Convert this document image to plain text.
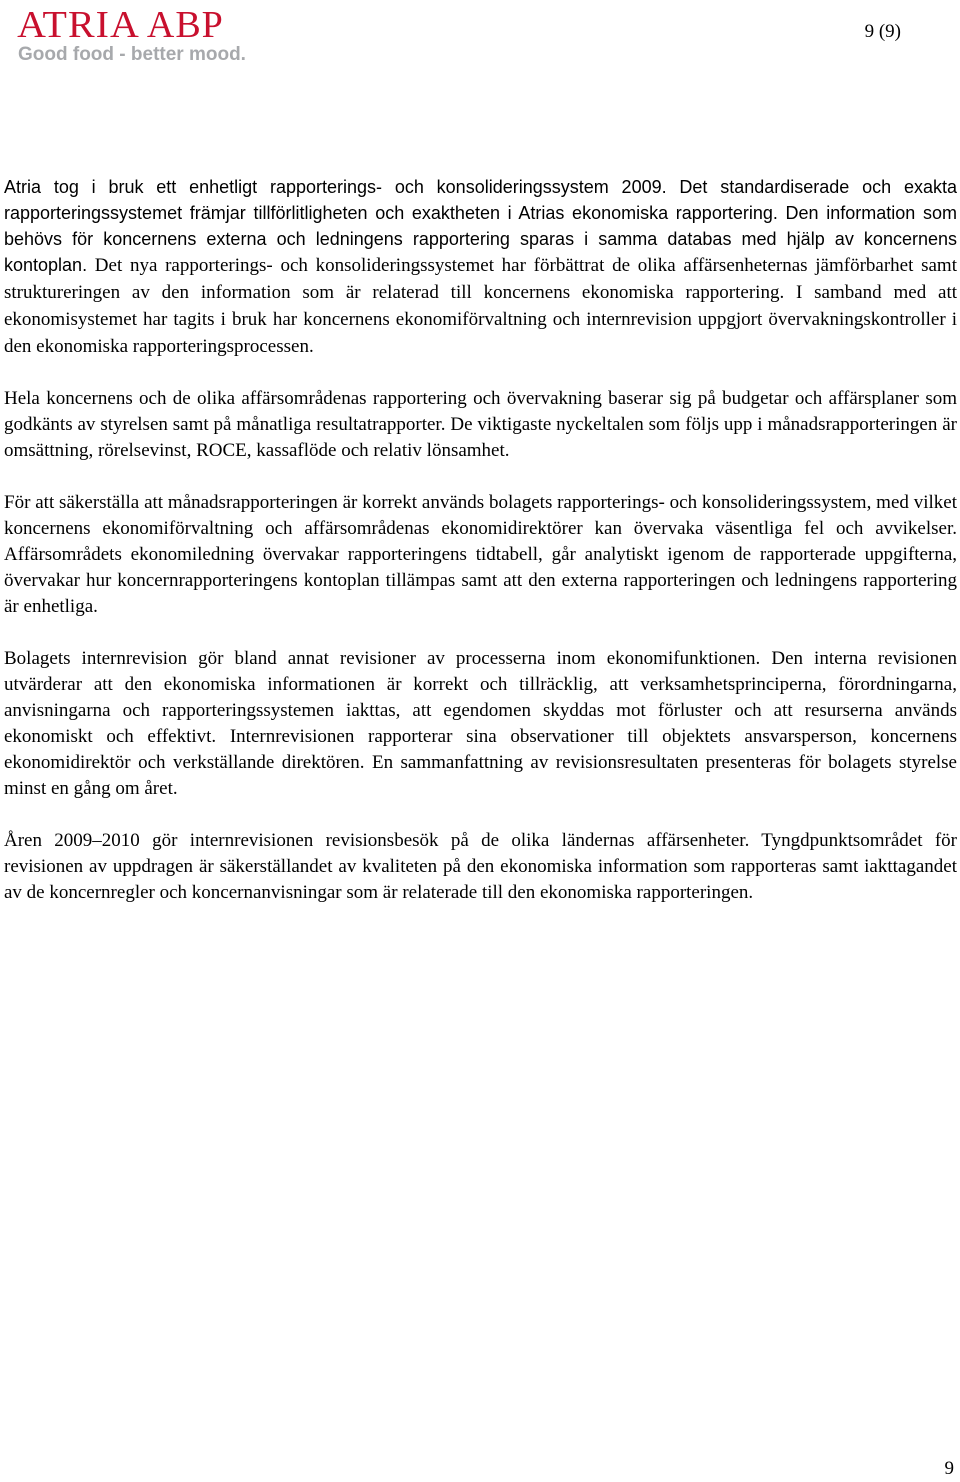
ATRIA ABP
Good food - better mood.
9 (9)

Atria tog i bruk ett enhetligt rapporterings- och konsolideringssystem 2009. Det standardiserade och exakta rapporteringssystemet främjar tillförlitligheten och exaktheten i Atrias ekonomiska rapportering. Den information som behövs för koncernens externa och ledningens rapportering sparas i samma databas med hjälp av koncernens kontoplan. Det nya rapporterings- och konsolideringssystemet har förbättrat de olika affärsenheternas jämförbarhet samt struktureringen av den information som är relaterad till koncernens ekonomiska rapportering. I samband med att ekonomisystemet har tagits i bruk har koncernens ekonomiförvaltning och internrevision uppgjort övervakningskontroller i den ekonomiska rapporteringsprocessen.

Hela koncernens och de olika affärsområdenas rapportering och övervakning baserar sig på budgetar och affärsplaner som godkänts av styrelsen samt på månatliga resultatrapporter. De viktigaste nyckeltalen som följs upp i månadsrapporteringen är omsättning, rörelsevinst, ROCE, kassaflöde och relativ lönsamhet.

För att säkerställa att månadsrapporteringen är korrekt används bolagets rapporterings- och konsolideringssystem, med vilket koncernens ekonomiförvaltning och affärsområdenas ekonomidirektörer kan övervaka väsentliga fel och avvikelser. Affärsområdets ekonomiledning övervakar rapporteringens tidtabell, går analytiskt igenom de rapporterade uppgifterna, övervakar hur koncernrapporteringens kontoplan tillämpas samt att den externa rapporteringen och ledningens rapportering är enhetliga.

Bolagets internrevision gör bland annat revisioner av processerna inom ekonomifunktionen. Den interna revisionen utvärderar att den ekonomiska informationen är korrekt och tillräcklig, att verksamhetsprinciperna, förordningarna, anvisningarna och rapporteringssystemen iakttas, att egendomen skyddas mot förluster och att resurserna används ekonomiskt och effektivt. Internrevisionen rapporterar sina observationer till objektets ansvarsperson, koncernens ekonomidirektör och verkställande direktören. En sammanfattning av revisionsresultaten presenteras för bolagets styrelse minst en gång om året.

Åren 2009–2010 gör internrevisionen revisionsbesök på de olika ländernas affärsenheter. Tyngdpunktsområdet för revisionen av uppdragen är säkerställandet av kvaliteten på den ekonomiska information som rapporteras samt iakttagandet av de koncernregler och koncernanvisningar som är relaterade till den ekonomiska rapporteringen.

9
